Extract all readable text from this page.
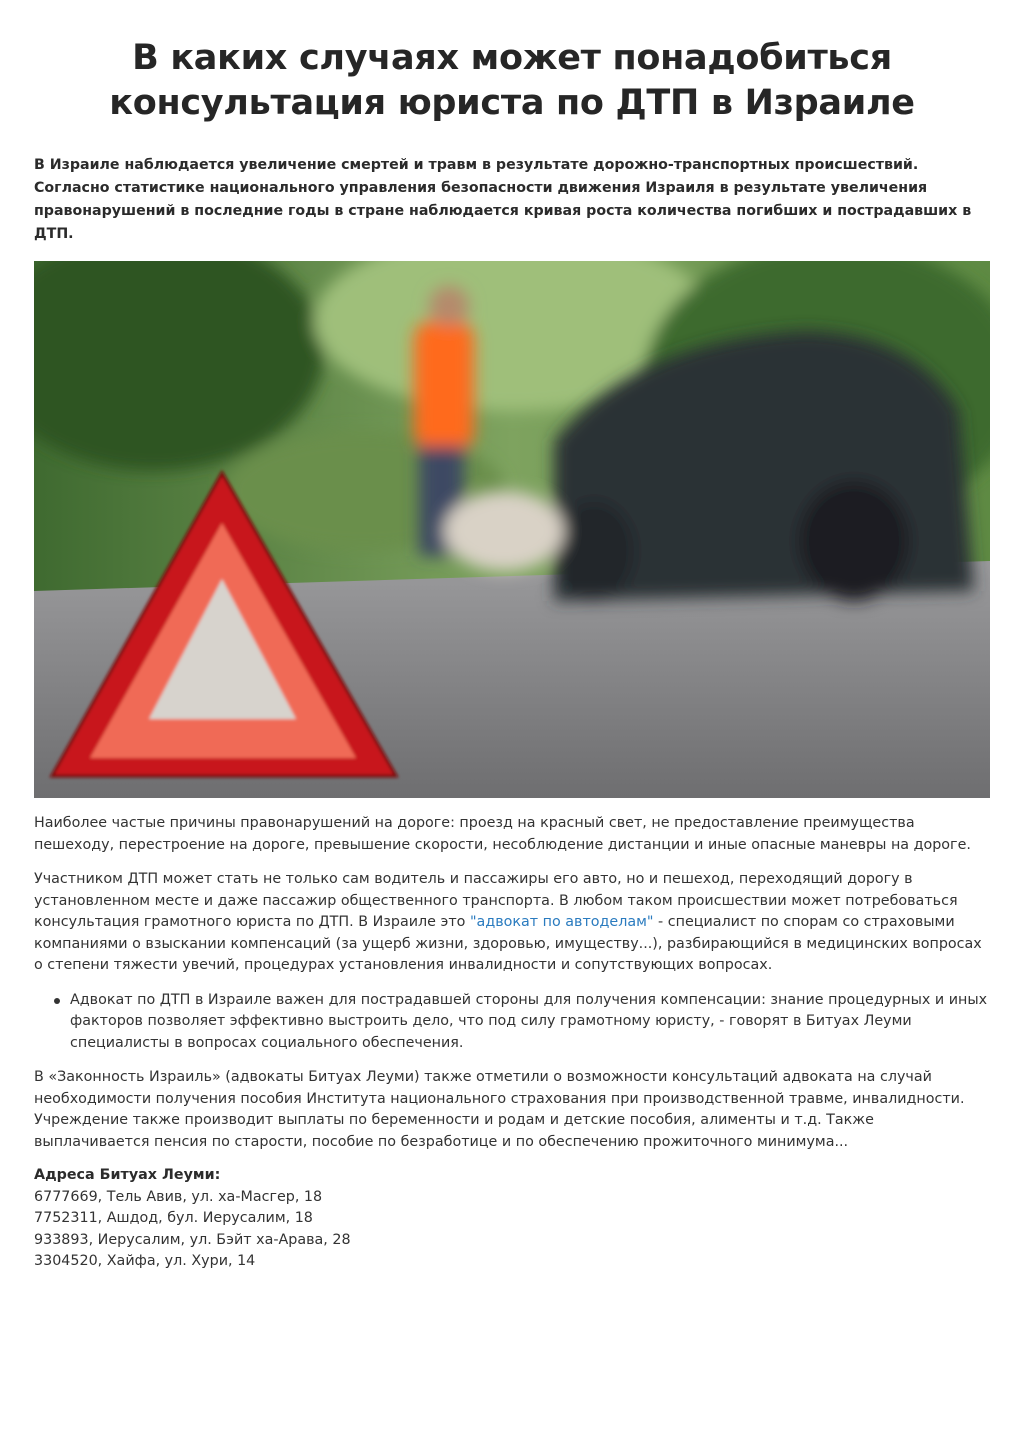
В каких случаях может понадобиться
консультация юриста по ДТП в Израиле

В Израиле наблюдается увеличение смертей и травм в результате дорожно-транспортных происшествий. Согласно статистике национального управления безопасности движения Израиля в результате увеличения правонарушений в последние годы в стране наблюдается кривая роста количества погибших и пострадавших в ДТП.

Наиболее частые причины правонарушений на дороге: проезд на красный свет, не предоставление преимущества пешеходу, перестроение на дороге, превышение скорости, несоблюдение дистанции и иные опасные маневры на дороге.

Участником ДТП может стать не только сам водитель и пассажиры его авто, но и пешеход, переходящий дорогу в установленном месте и даже пассажир общественного транспорта. В любом таком происшествии может потребоваться консультация грамотного юриста по ДТП. В Израиле это "адвокат по автоделам" - специалист по спорам со страховыми компаниями о взыскании компенсаций (за ущерб жизни, здоровью, имуществу...), разбирающийся в медицинских вопросах о степени тяжести увечий, процедурах установления инвалидности и сопутствующих вопросах.

Адвокат по ДТП в Израиле важен для пострадавшей стороны для получения компенсации: знание процедурных и иных факторов позволяет эффективно выстроить дело, что под силу грамотному юристу, - говорят в Битуах Леуми специалисты в вопросах социального обеспечения.

В «Законность Израиль» (адвокаты Битуах Леуми) также отметили о возможности консультаций адвоката на случай необходимости получения пособия Института национального страхования при производственной травме, инвалидности. Учреждение также производит выплаты по беременности и родам и детские пособия, алименты и т.д. Также выплачивается пенсия по старости, пособие по безработице и по обеспечению прожиточного минимума...

Адреса Битуах Леуми:
6777669, Тель Авив, ул. ха-Масгер, 18
7752311, Ашдод, бул. Иерусалим, 18
933893, Иерусалим, ул. Бэйт ха-Арава, 28
3304520, Хайфа, ул. Хури, 14
